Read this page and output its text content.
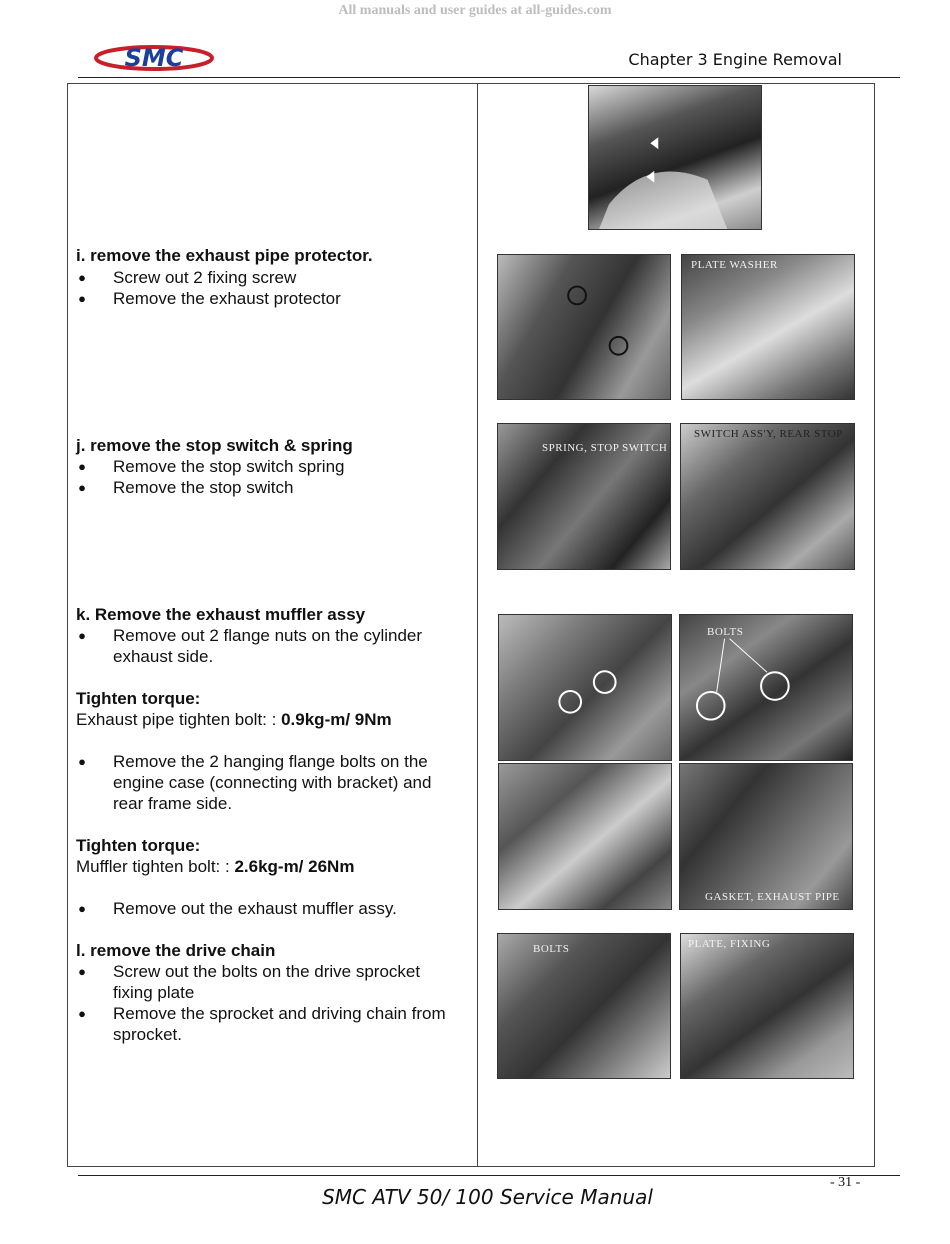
All manuals and user guides at all-guides.com
SMC	Chapter 3 Engine Removal
i. remove the exhaust pipe protector.
● Screw out 2 fixing screw
● Remove the exhaust protector
j. remove the stop switch & spring
● Remove the stop switch spring
● Remove the stop switch
k. Remove the exhaust muffler assy
● Remove out 2 flange nuts on the cylinder
exhaust side.
Tighten torque:
Exhaust pipe tighten bolt: : 0.9kg-m/ 9Nm
● Remove the 2 hanging flange bolts on the
engine case (connecting with bracket) and
rear frame side.
Tighten torque:
Muffler tighten bolt: : 2.6kg-m/ 26Nm
● Remove out the exhaust muffler assy.
l. remove the drive chain
● Screw out the bolts on the drive sprocket
fixing plate
● Remove the sprocket and driving chain from
sprocket.
PLATE WASHER
SPRING, STOP SWITCH
SWITCH ASS'Y, REAR STOP
BOLTS
GASKET, EXHAUST PIPE
BOLTS	PLATE, FIXING
- 31 -
SMC ATV 50/ 100 Service Manual
